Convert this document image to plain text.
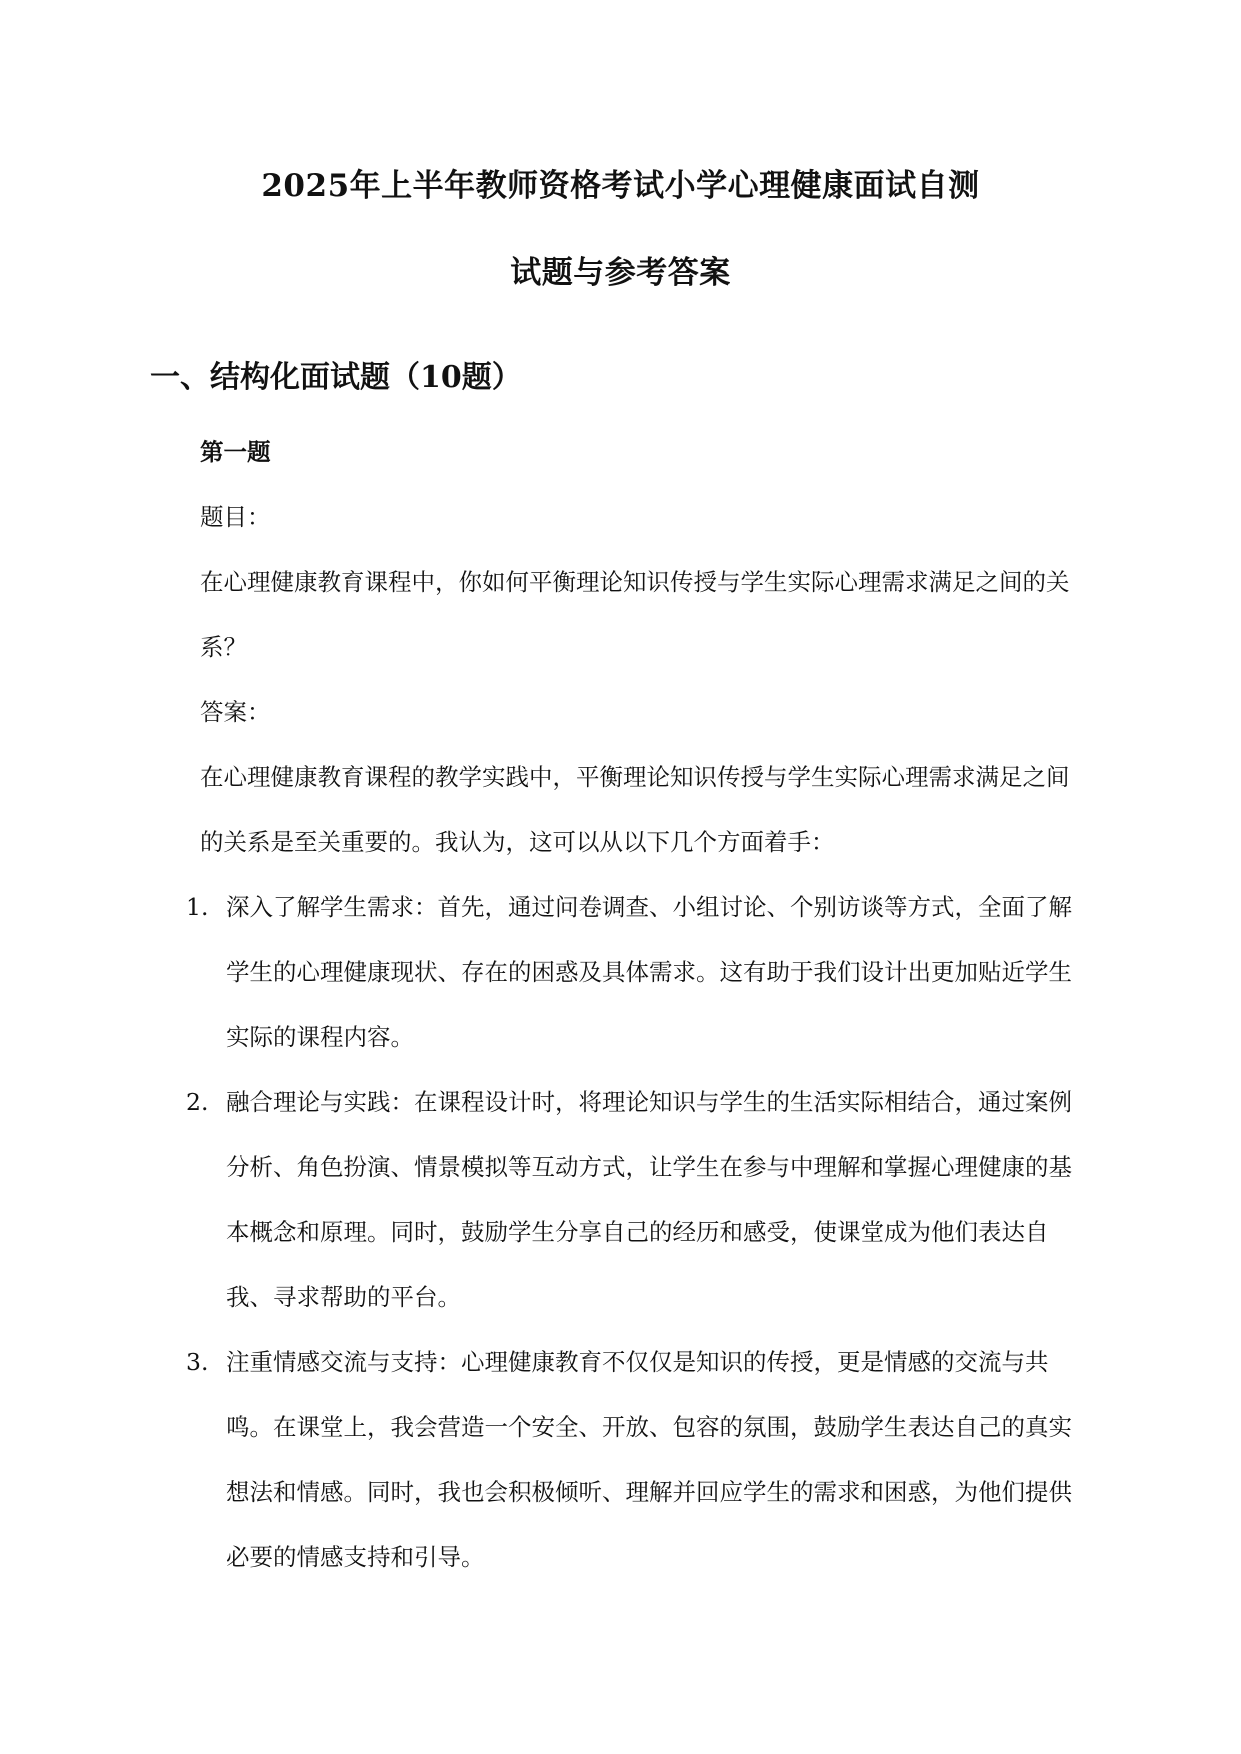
2025年上半年教师资格考试小学心理健康面试自测
试题与参考答案
一、结构化面试题（10题）
第一题
题目：
在心理健康教育课程中，你如何平衡理论知识传授与学生实际心理需求满足之间的关系？
答案：
在心理健康教育课程的教学实践中，平衡理论知识传授与学生实际心理需求满足之间的关系是至关重要的。我认为，这可以从以下几个方面着手：
1. 深入了解学生需求：首先，通过问卷调查、小组讨论、个别访谈等方式，全面了解学生的心理健康现状、存在的困惑及具体需求。这有助于我们设计出更加贴近学生实际的课程内容。
2. 融合理论与实践：在课程设计时，将理论知识与学生的生活实际相结合，通过案例分析、角色扮演、情景模拟等互动方式，让学生在参与中理解和掌握心理健康的基本概念和原理。同时，鼓励学生分享自己的经历和感受，使课堂成为他们表达自我、寻求帮助的平台。
3. 注重情感交流与支持：心理健康教育不仅仅是知识的传授，更是情感的交流与共鸣。在课堂上，我会营造一个安全、开放、包容的氛围，鼓励学生表达自己的真实想法和情感。同时，我也会积极倾听、理解并回应学生的需求和困惑，为他们提供必要的情感支持和引导。
